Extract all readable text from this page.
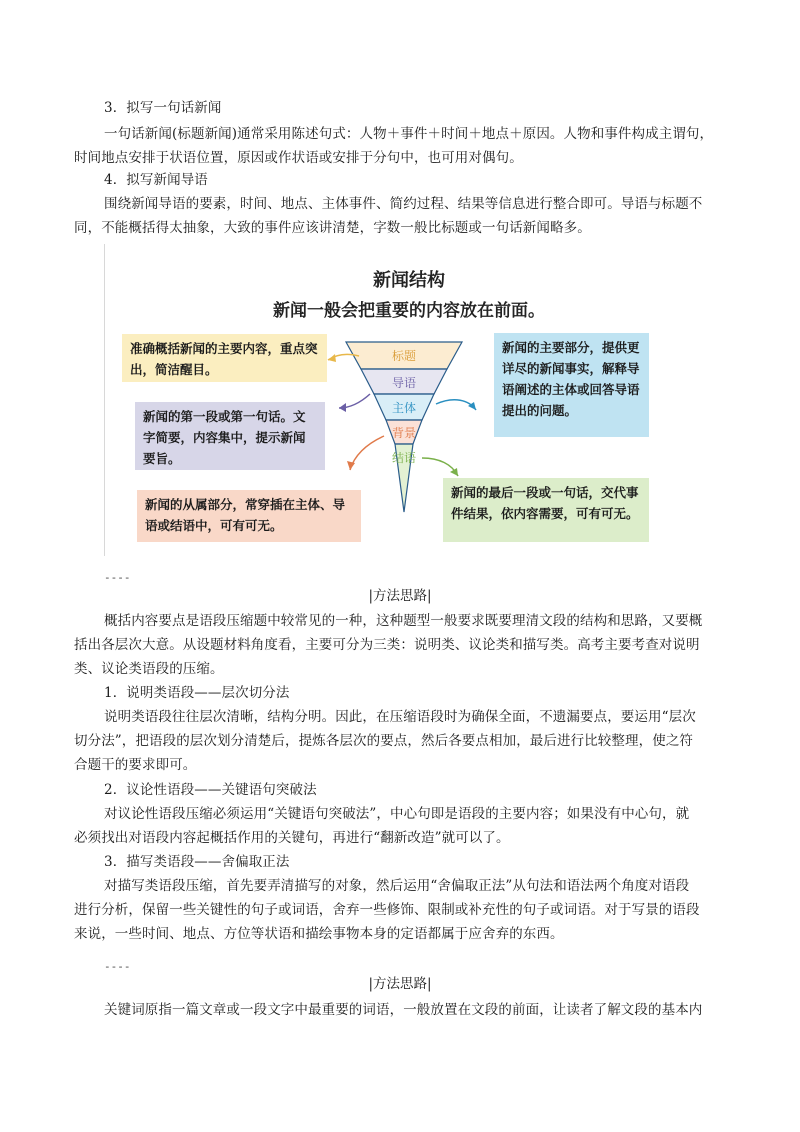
3．拟写一句话新闻
一句话新闻(标题新闻)通常采用陈述句式：人物＋事件＋时间＋地点＋原因。人物和事件构成主谓句，
时间地点安排于状语位置，原因或作状语或安排于分句中，也可用对偶句。
4．拟写新闻导语
围绕新闻导语的要素，时间、地点、主体事件、简约过程、结果等信息进行整合即可。导语与标题不
同，不能概括得太抽象，大致的事件应该讲清楚，字数一般比标题或一句话新闻略多。
新闻结构
新闻一般会把重要的内容放在前面。
标题
导语
主体
背景
结语
准确概括新闻的主要内容，重点突出，简洁醒目。
新闻的第一段或第一句话。文字简要，内容集中，提示新闻要旨。
新闻的从属部分，常穿插在主体、导语或结语中，可有可无。
新闻的主要部分，提供更详尽的新闻事实，解释导语阐述的主体或回答导语提出的问题。
新闻的最后一段或一句话，交代事件结果，依内容需要，可有可无。
----
|方法思路|
概括内容要点是语段压缩题中较常见的一种，这种题型一般要求既要理清文段的结构和思路，又要概
括出各层次大意。从设题材料角度看，主要可分为三类：说明类、议论类和描写类。高考主要考查对说明
类、议论类语段的压缩。
1．说明类语段——层次切分法
说明类语段往往层次清晰，结构分明。因此，在压缩语段时为确保全面，不遗漏要点，要运用“层次
切分法”，把语段的层次划分清楚后，提炼各层次的要点，然后各要点相加，最后进行比较整理，使之符
合题干的要求即可。
2．议论性语段——关键语句突破法
对议论性语段压缩必须运用“关键语句突破法”，中心句即是语段的主要内容；如果没有中心句，就
必须找出对语段内容起概括作用的关键句，再进行“翻新改造”就可以了。
3．描写类语段——舍偏取正法
对描写类语段压缩，首先要弄清描写的对象，然后运用“舍偏取正法”从句法和语法两个角度对语段
进行分析，保留一些关键性的句子或词语，舍弃一些修饰、限制或补充性的句子或词语。对于写景的语段
来说，一些时间、地点、方位等状语和描绘事物本身的定语都属于应舍弃的东西。
----
|方法思路|
关键词原指一篇文章或一段文字中最重要的词语，一般放置在文段的前面，让读者了解文段的基本内
